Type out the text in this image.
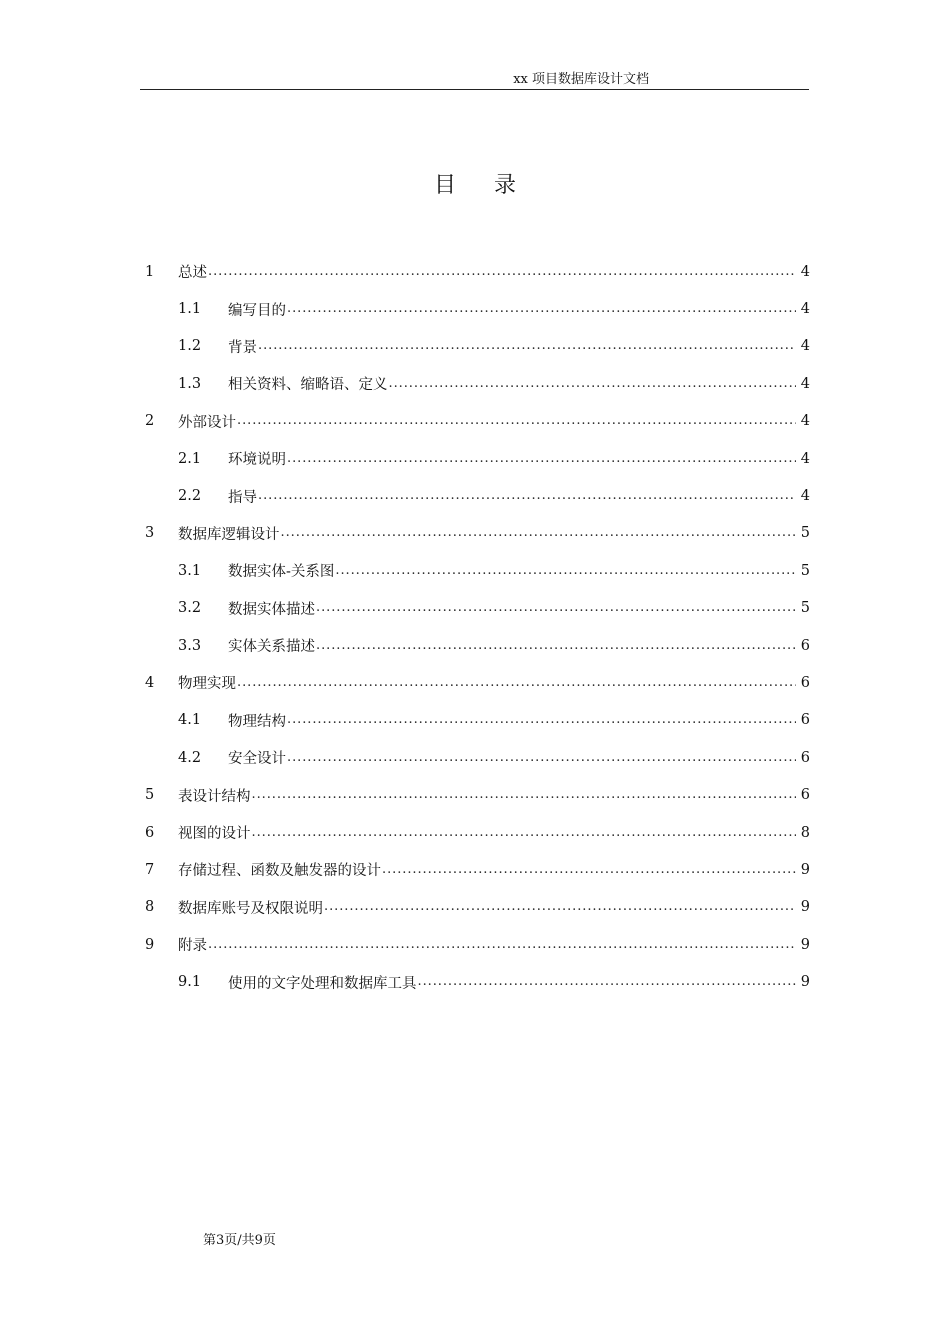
xx 项目数据库设计文档
目录
1	总述 . . .	4
1.1	编写目的 . . .	4
1.2	背景 . . .	4
1.3	相关资料、缩略语、定义 . . .	4
2	外部设计 . . .	4
2.1	环境说明 . . .	4
2.2	指导 . . .	4
3	数据库逻辑设计 . . .	5
3.1	数据实体-关系图 . . .	5
3.2	数据实体描述 . . .	5
3.3	实体关系描述 . . .	6
4	物理实现 . . .	6
4.1	物理结构 . . .	6
4.2	安全设计 . . .	6
5	表设计结构 . . .	6
6	视图的设计 . . .	8
7	存储过程、函数及触发器的设计 . . .	9
8	数据库账号及权限说明 . . .	9
9	附录 . . .	9
9.1	使用的文字处理和数据库工具 . . .	9
第3页/共9页
